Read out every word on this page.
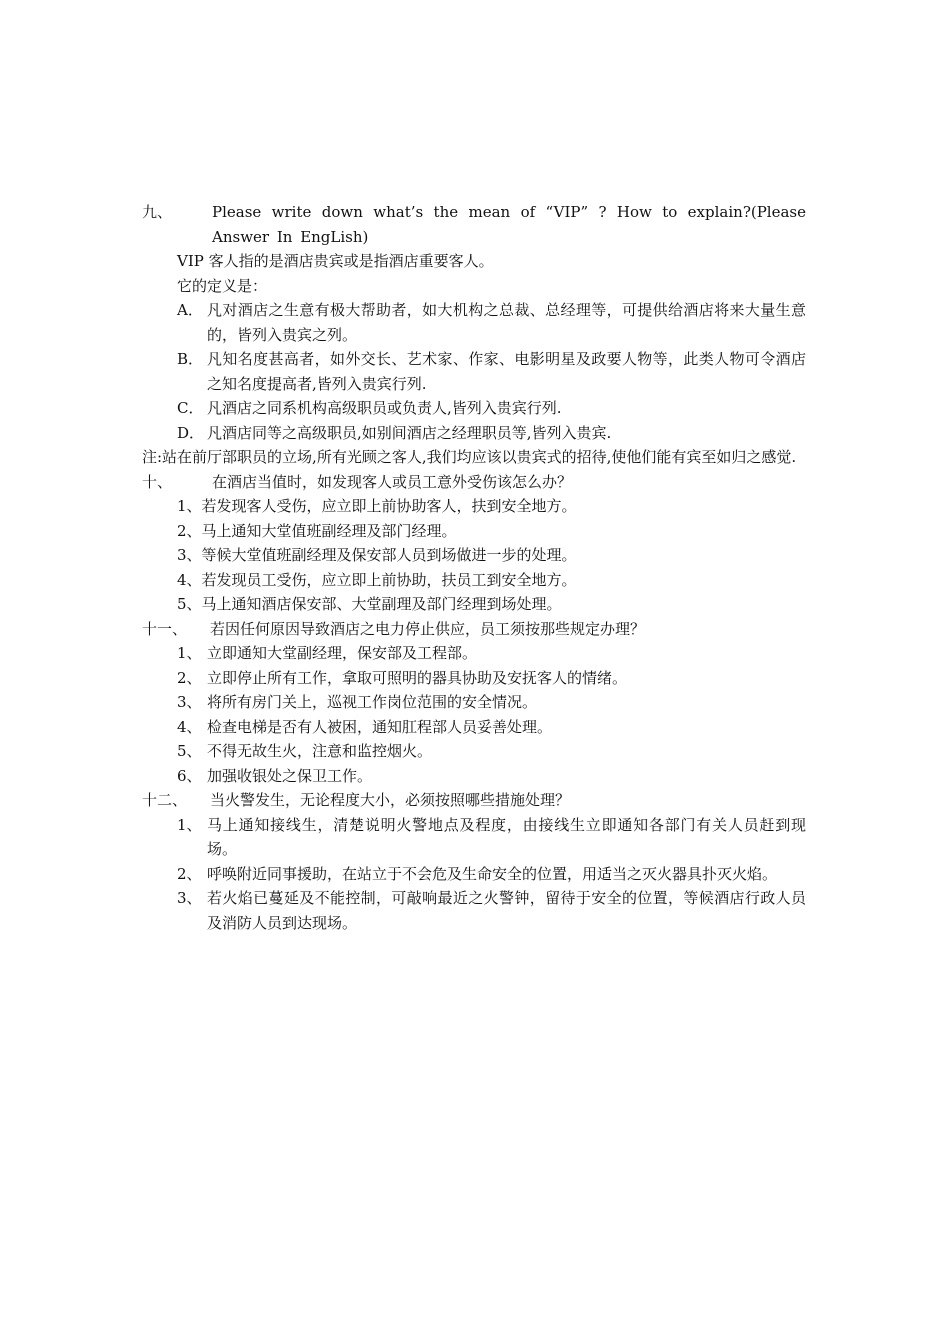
九、	Please write down what’s the mean of “VIP” ? How to explain?(Please Answer In EngLish)
VIP 客人指的是酒店贵宾或是指酒店重要客人。
它的定义是：
A． 凡对酒店之生意有极大帮助者，如大机构之总裁、总经理等，可提供给酒店将来大量生意的，皆列入贵宾之列。
B． 凡知名度甚高者，如外交长、艺术家、作家、电影明星及政要人物等，此类人物可令酒店之知名度提高者,皆列入贵宾行列.
C． 凡酒店之同系机构高级职员或负责人,皆列入贵宾行列.
D． 凡酒店同等之高级职员,如别间酒店之经理职员等,皆列入贵宾.
注:站在前厅部职员的立场,所有光顾之客人,我们均应该以贵宾式的招待,使他们能有宾至如归之感觉.
十、	在酒店当值时，如发现客人或员工意外受伤该怎么办？
1、若发现客人受伤，应立即上前协助客人，扶到安全地方。
2、马上通知大堂值班副经理及部门经理。
3、等候大堂值班副经理及保安部人员到场做进一步的处理。
4、若发现员工受伤，应立即上前协助，扶员工到安全地方。
5、马上通知酒店保安部、大堂副理及部门经理到场处理。
十一、 若因任何原因导致酒店之电力停止供应，员工须按那些规定办理？
1、 立即通知大堂副经理，保安部及工程部。
2、 立即停止所有工作，拿取可照明的器具协助及安抚客人的情绪。
3、 将所有房门关上，巡视工作岗位范围的安全情况。
4、 检查电梯是否有人被困，通知肛程部人员妥善处理。
5、 不得无故生火，注意和监控烟火。
6、 加强收银处之保卫工作。
十二、 当火警发生，无论程度大小，必须按照哪些措施处理？
1、 马上通知接线生，清楚说明火警地点及程度，由接线生立即通知各部门有关人员赶到现场。
2、 呼唤附近同事援助，在站立于不会危及生命安全的位置，用适当之灭火器具扑灭火焰。
3、 若火焰已蔓延及不能控制，可敲响最近之火警钟，留待于安全的位置，等候酒店行政人员及消防人员到达现场。
